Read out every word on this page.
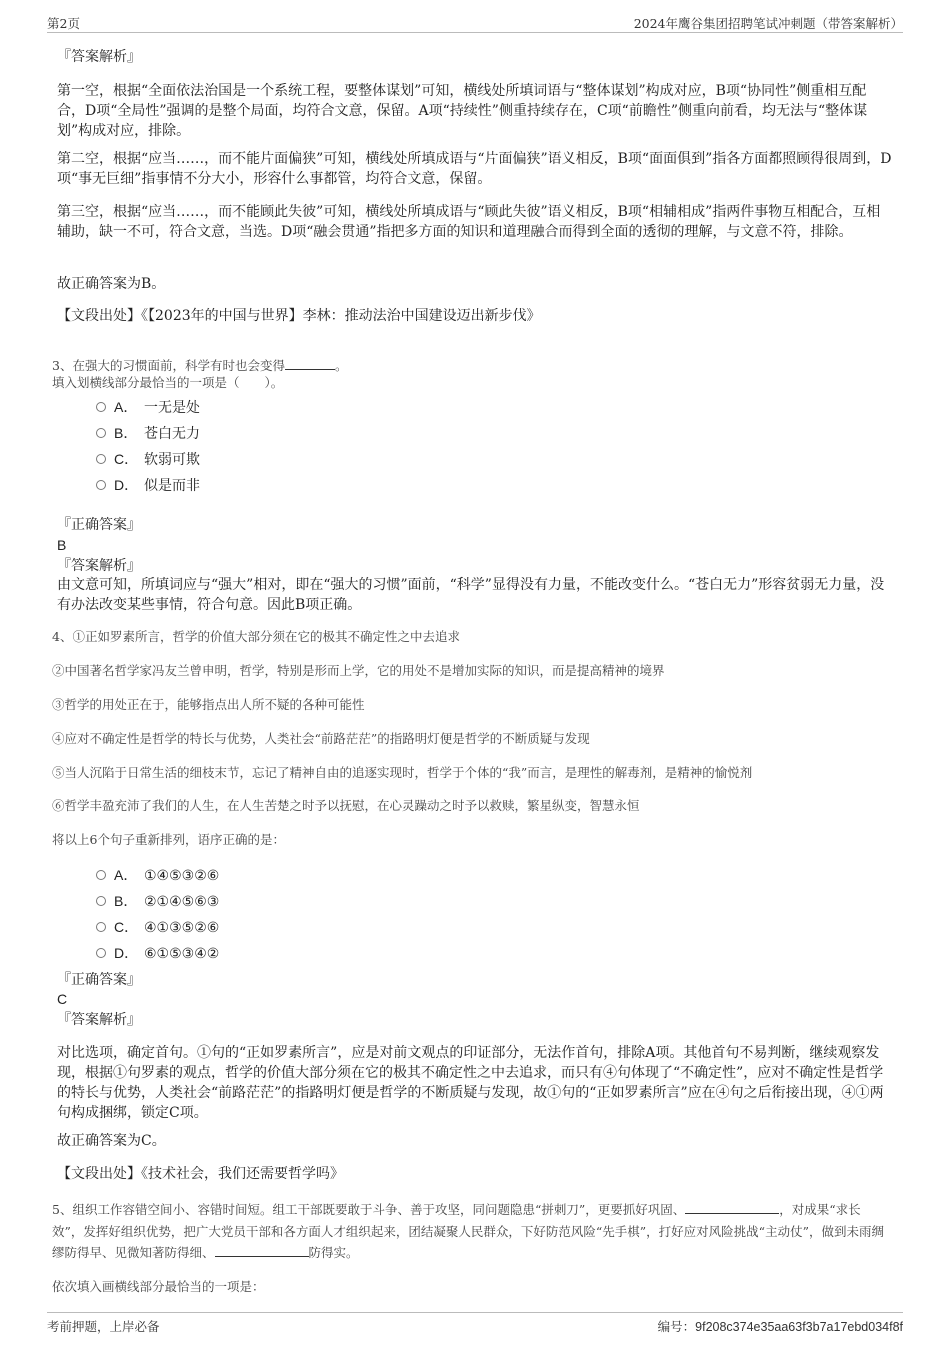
第2页	2024年鹰谷集团招聘笔试冲刺题（带答案解析）

『答案解析』

第一空，根据“全面依法治国是一个系统工程，要整体谋划”可知，横线处所填词语与“整体谋划”构成对应，B项“协同性”侧重相互配合，D项“全局性”强调的是整个局面，均符合文意，保留。A项“持续性”侧重持续存在，C项“前瞻性”侧重向前看，均无法与“整体谋划”构成对应，排除。

第二空，根据“应当……，而不能片面偏狭”可知，横线处所填成语与“片面偏狭”语义相反，B项“面面俱到”指各方面都照顾得很周到，D项“事无巨细”指事情不分大小，形容什么事都管，均符合文意，保留。

第三空，根据“应当……，而不能顾此失彼”可知，横线处所填成语与“顾此失彼”语义相反，B项“相辅相成”指两件事物互相配合，互相辅助，缺一不可，符合文意，当选。D项“融会贯通”指把多方面的知识和道理融合而得到全面的透彻的理解，与文意不符，排除。

故正确答案为B。

【文段出处】《【2023年的中国与世界】李林：推动法治中国建设迈出新步伐》

3、在强大的习惯面前，科学有时也会变得	。

填入划横线部分最恰当的一项是（　　）。

A． 一无是处
B． 苍白无力
C． 软弱可欺
D． 似是而非

『正确答案』

B

『答案解析』

由文意可知，所填词应与“强大”相对，即在“强大的习惯”面前，“科学”显得没有力量，不能改变什么。“苍白无力”形容贫弱无力量，没有办法改变某些事情，符合句意。因此B项正确。

4、①正如罗素所言，哲学的价值大部分须在它的极其不确定性之中去追求

②中国著名哲学家冯友兰曾申明，哲学，特别是形而上学，它的用处不是增加实际的知识，而是提高精神的境界

③哲学的用处正在于，能够指点出人所不疑的各种可能性

④应对不确定性是哲学的特长与优势，人类社会“前路茫茫”的指路明灯便是哲学的不断质疑与发现

⑤当人沉陷于日常生活的细枝末节，忘记了精神自由的追逐实现时，哲学于个体的“我”而言，是理性的解毒剂，是精神的愉悦剂

⑥哲学丰盈充沛了我们的人生，在人生苦楚之时予以抚慰，在心灵躁动之时予以救赎，繁星纵变，智慧永恒

将以上6个句子重新排列，语序正确的是：

A． ①④⑤③②⑥
B． ②①④⑤⑥③
C． ④①③⑤②⑥
D． ⑥①⑤③④②

『正确答案』

C

『答案解析』

对比选项，确定首句。①句的“正如罗素所言”，应是对前文观点的印证部分，无法作首句，排除A项。其他首句不易判断，继续观察发现，根据①句罗素的观点，哲学的价值大部分须在它的极其不确定性之中去追求，而只有④句体现了“不确定性”，应对不确定性是哲学的特长与优势，人类社会“前路茫茫”的指路明灯便是哲学的不断质疑与发现，故①句的“正如罗素所言”应在④句之后衔接出现，④①两句构成捆绑，锁定C项。

故正确答案为C。

【文段出处】《技术社会，我们还需要哲学吗》

5、组织工作容错空间小、容错时间短。组工干部既要敢于斗争、善于攻坚，同问题隐患“拼刺刀”，更要抓好巩固、	，对成果“求长效”，发挥好组织优势，把广大党员干部和各方面人才组织起来，团结凝聚人民群众，下好防范风险“先手棋”，打好应对风险挑战“主动仗”，做到未雨绸缪防得早、见微知著防得细、	防得实。

依次填入画横线部分最恰当的一项是：

考前押题，上岸必备	编号：9f208c374e35aa63f3b7a17ebd034f8f
